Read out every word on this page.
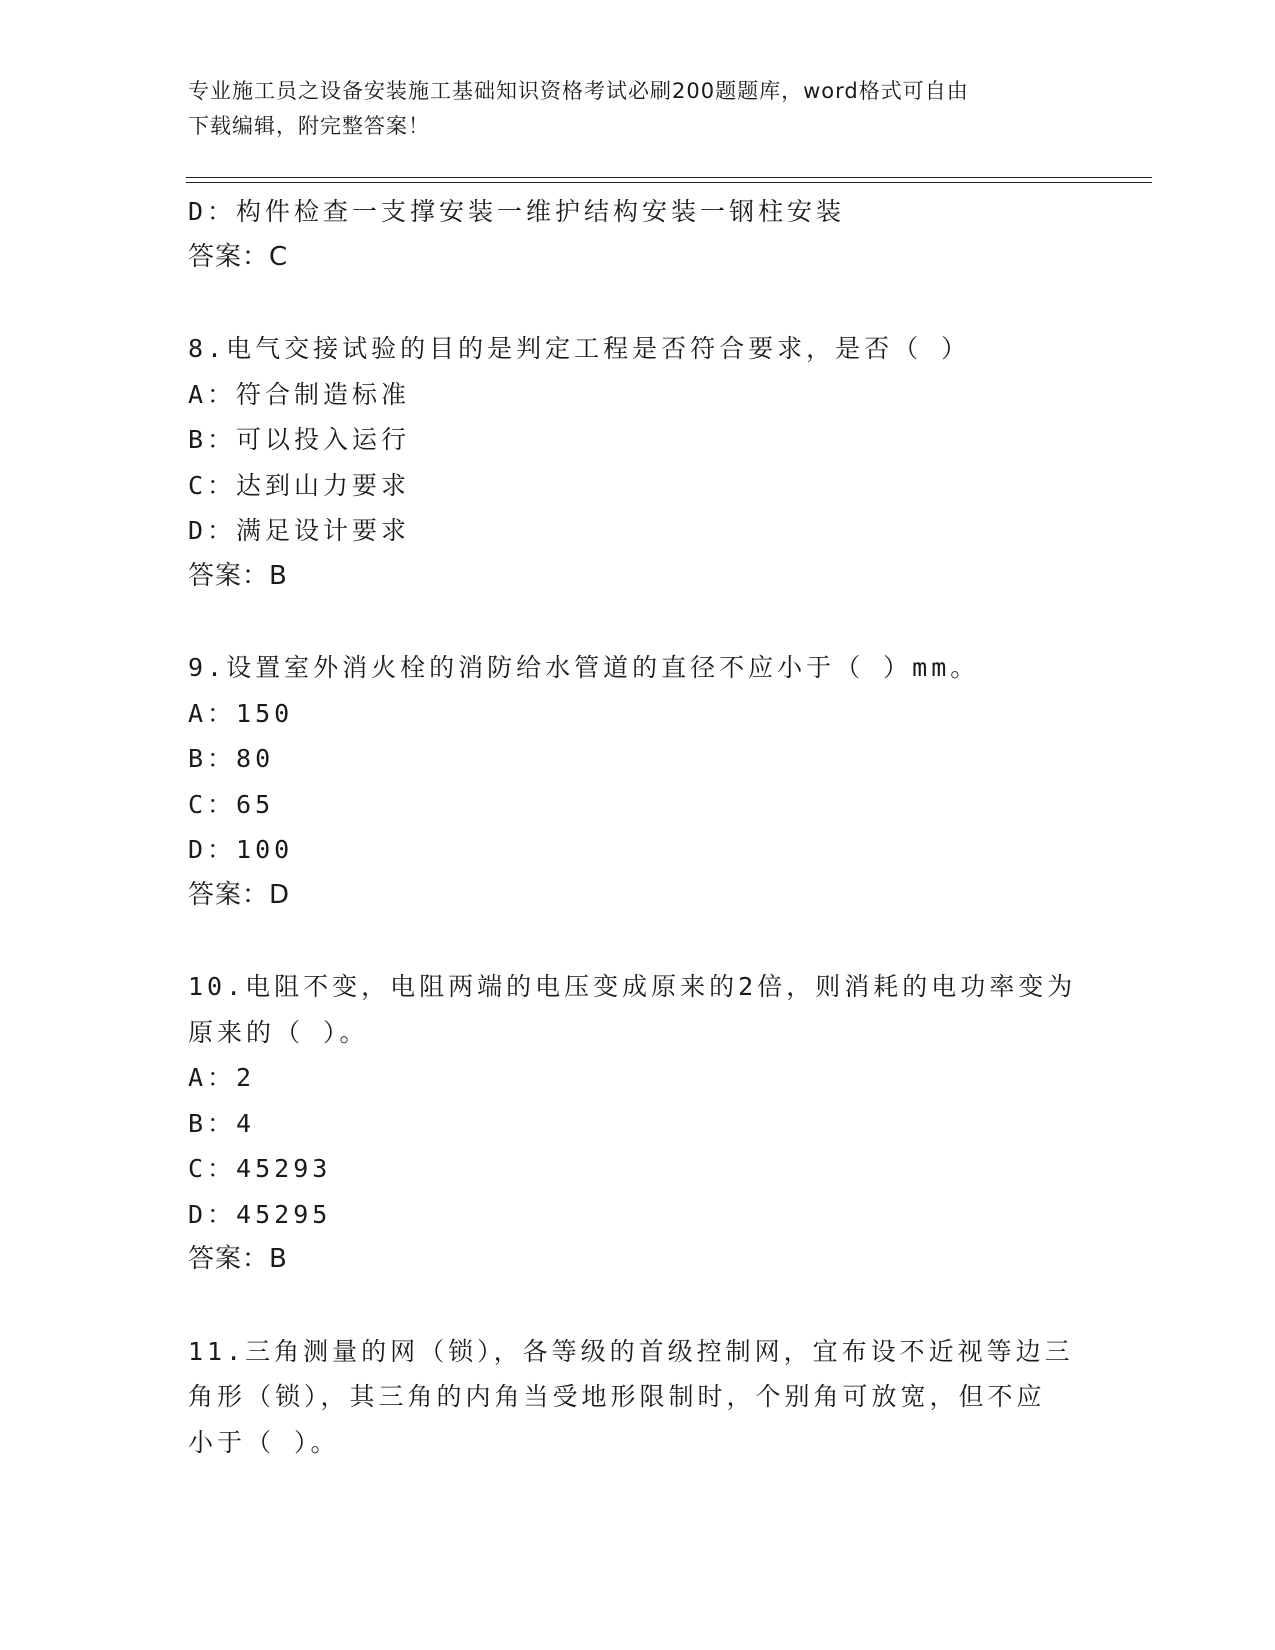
专业施工员之设备安装施工基础知识资格考试必刷200题题库，word格式可自由
下载编辑，附完整答案！
D：构件检查一支撑安装一维护结构安装一钢柱安装
答案：C
8.电气交接试验的目的是判定工程是否符合要求，是否（ ）
A：符合制造标准
B：可以投入运行
C：达到山力要求
D：满足设计要求
答案：B
9.设置室外消火栓的消防给水管道的直径不应小于（ ）mm。
A：150
B：80
C：65
D：100
答案：D
10.电阻不变，电阻两端的电压变成原来的2倍，则消耗的电功率变为
原来的（ ）。
A：2
B：4
C：45293
D：45295
答案：B
11.三角测量的网（锁），各等级的首级控制网，宜布设不近视等边三
角形（锁），其三角的内角当受地形限制时，个别角可放宽，但不应
小于（ ）。
